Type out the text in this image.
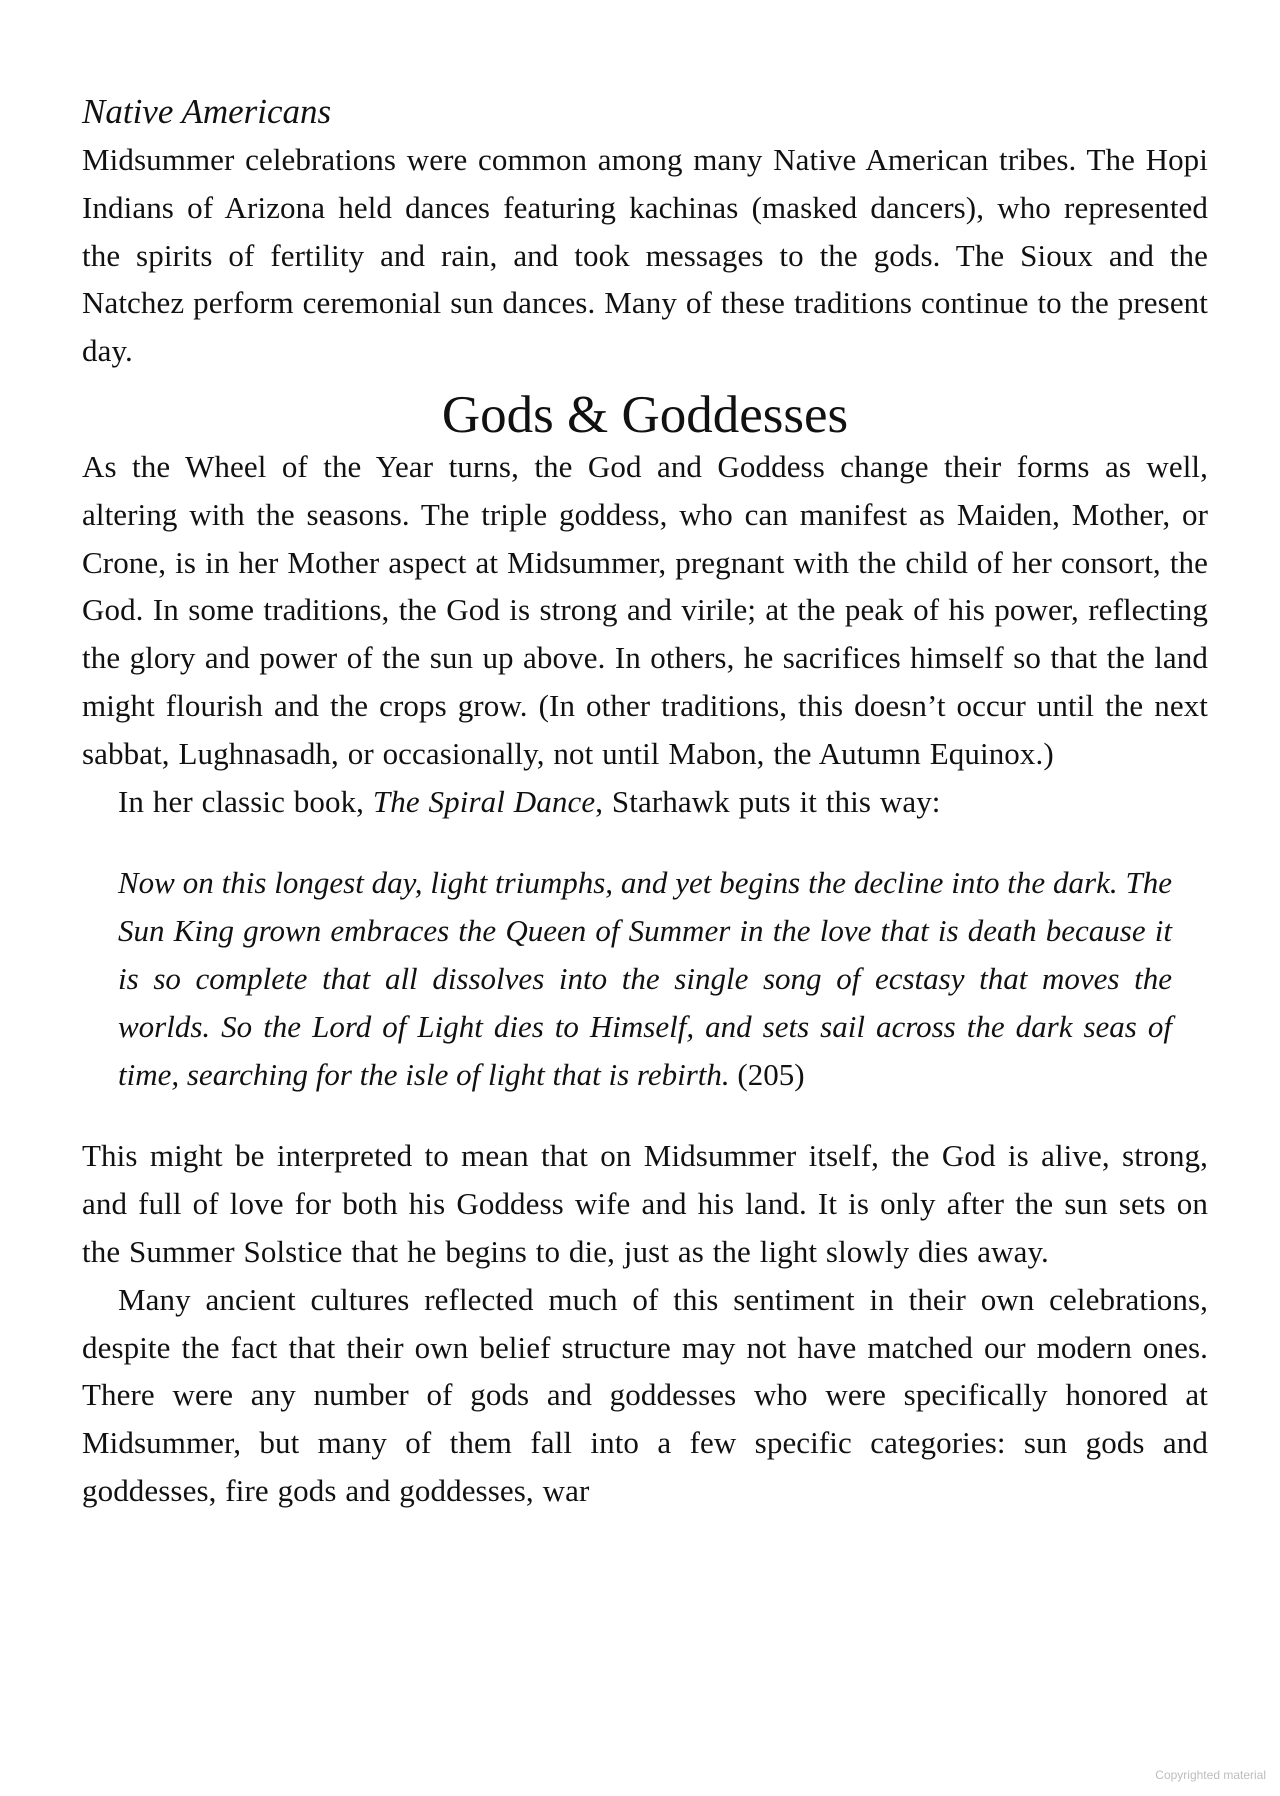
Native Americans

Midsummer celebrations were common among many Native American tribes. The Hopi Indians of Arizona held dances featuring kachinas (masked dancers), who represented the spirits of fertility and rain, and took messages to the gods. The Sioux and the Natchez perform ceremonial sun dances. Many of these traditions continue to the present day.

Gods & Goddesses

As the Wheel of the Year turns, the God and Goddess change their forms as well, altering with the seasons. The triple goddess, who can manifest as Maiden, Mother, or Crone, is in her Mother aspect at Midsummer, pregnant with the child of her consort, the God. In some traditions, the God is strong and virile; at the peak of his power, reflecting the glory and power of the sun up above. In others, he sacrifices himself so that the land might flourish and the crops grow. (In other traditions, this doesn’t occur until the next sabbat, Lughnasadh, or occasionally, not until Mabon, the Autumn Equinox.)

In her classic book, The Spiral Dance, Starhawk puts it this way:

Now on this longest day, light triumphs, and yet begins the decline into the dark. The Sun King grown embraces the Queen of Summer in the love that is death because it is so complete that all dissolves into the single song of ecstasy that moves the worlds. So the Lord of Light dies to Himself, and sets sail across the dark seas of time, searching for the isle of light that is rebirth. (205)

This might be interpreted to mean that on Midsummer itself, the God is alive, strong, and full of love for both his Goddess wife and his land. It is only after the sun sets on the Summer Solstice that he begins to die, just as the light slowly dies away.

Many ancient cultures reflected much of this sentiment in their own celebrations, despite the fact that their own belief structure may not have matched our modern ones. There were any number of gods and goddesses who were specifically honored at Midsummer, but many of them fall into a few specific categories: sun gods and goddesses, fire gods and goddesses, war

Copyrighted material
